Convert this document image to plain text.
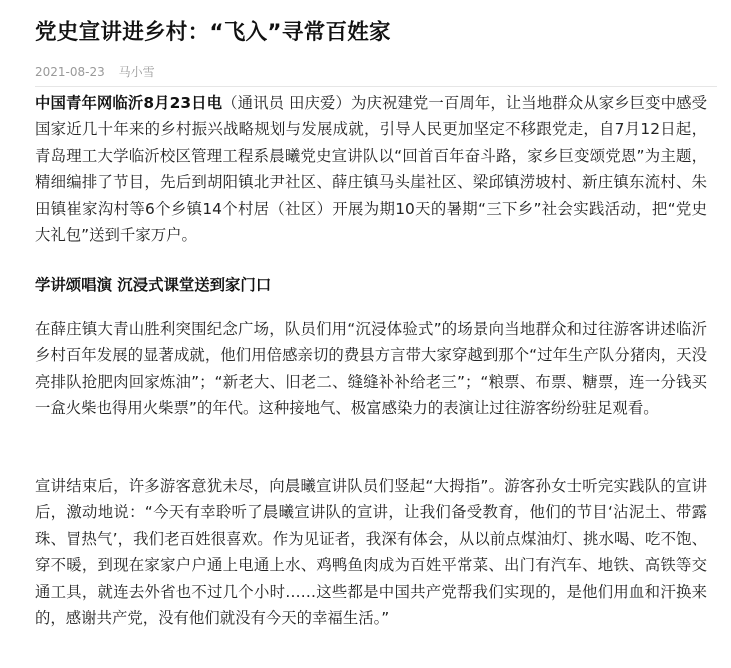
党史宣讲进乡村：“飞入”寻常百姓家
2021-08-23 马小雪
中国青年网临沂8月23日电（通讯员 田庆爱）为庆祝建党一百周年，让当地群众从家乡巨变中感受国家近几十年来的乡村振兴战略规划与发展成就，引导人民更加坚定不移跟党走，自7月12日起，青岛理工大学临沂校区管理工程系晨曦党史宣讲队以“回首百年奋斗路，家乡巨变颂党恩”为主题，精细编排了节目，先后到胡阳镇北尹社区、薛庄镇马头崖社区、梁邱镇涝坡村、新庄镇东流村、朱田镇崔家沟村等6个乡镇14个村居（社区）开展为期10天的暑期“三下乡”社会实践活动，把“党史大礼包”送到千家万户。
学讲颂唱演 沉浸式课堂送到家门口
在薛庄镇大青山胜利突围纪念广场，队员们用“沉浸体验式”的场景向当地群众和过往游客讲述临沂乡村百年发展的显著成就，他们用倍感亲切的费县方言带大家穿越到那个“过年生产队分猪肉，天没亮排队抢肥肉回家炼油”；“新老大、旧老二、缝缝补补给老三”；“粮票、布票、糖票，连一分钱买一盒火柴也得用火柴票”的年代。这种接地气、极富感染力的表演让过往游客纷纷驻足观看。
宣讲结束后，许多游客意犹未尽，向晨曦宣讲队员们竖起“大拇指”。游客孙女士听完实践队的宣讲后，激动地说：“今天有幸聆听了晨曦宣讲队的宣讲，让我们备受教育，他们的节目‘沾泥土、带露珠、冒热气’，我们老百姓很喜欢。作为见证者，我深有体会，从以前点煤油灯、挑水喝、吃不饱、穿不暖，到现在家家户户通上电通上水、鸡鸭鱼肉成为百姓平常菜、出门有汽车、地铁、高铁等交通工具，就连去外省也不过几个小时……这些都是中国共产党帮我们实现的，是他们用血和汗换来的，感谢共产党，没有他们就没有今天的幸福生活。”
